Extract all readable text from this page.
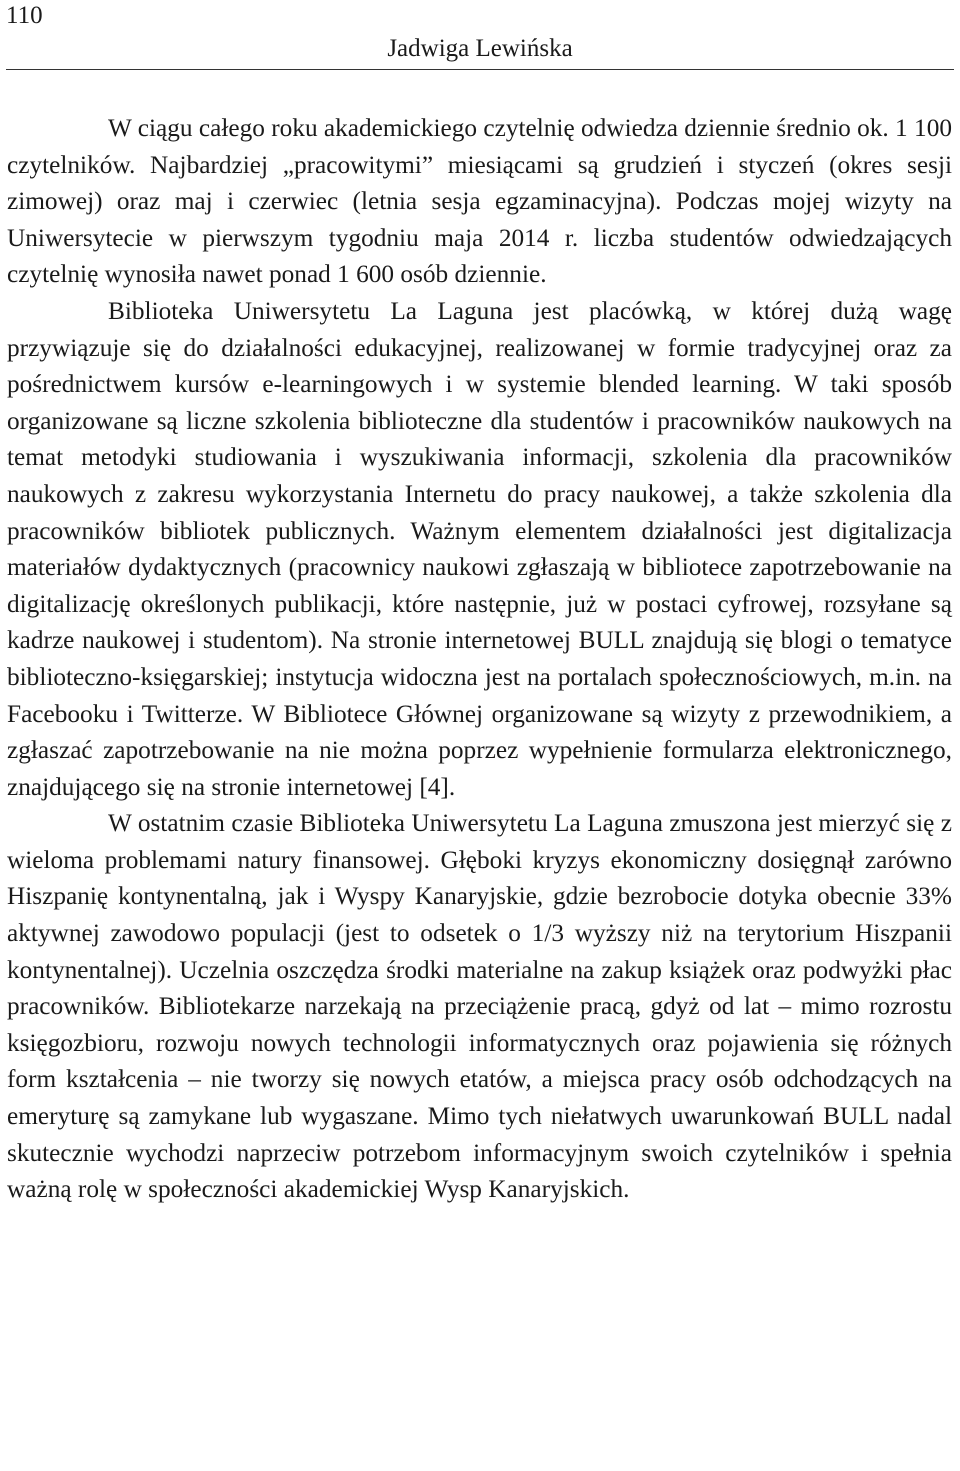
110
Jadwiga Lewińska

W ciągu całego roku akademickiego czytelnię odwiedza dziennie średnio ok. 1 100 czytelników. Najbardziej „pracowitymi” miesiącami są grudzień i styczeń (okres sesji zimowej) oraz maj i czerwiec (letnia sesja egzaminacyjna). Podczas mojej wizyty na Uniwersytecie w pierwszym tygodniu maja 2014 r. liczba studentów odwiedzających czytelnię wynosiła nawet ponad 1 600 osób dziennie.

Biblioteka Uniwersytetu La Laguna jest placówką, w której dużą wagę przywiązuje się do działalności edukacyjnej, realizowanej w formie tradycyjnej oraz za pośrednictwem kursów e-learningowych i w systemie blended learning. W taki sposób organizowane są liczne szkolenia biblioteczne dla studentów i pracowników naukowych na temat metodyki studiowania i wyszukiwania informacji, szkolenia dla pracowników naukowych z zakresu wykorzystania Internetu do pracy naukowej, a także szkolenia dla pracowników bibliotek publicznych. Ważnym elementem działalności jest digitalizacja materiałów dydaktycznych (pracownicy naukowi zgłaszają w bibliotece zapotrzebowanie na digitalizację określonych publikacji, które następnie, już w postaci cyfrowej, rozsyłane są kadrze naukowej i studentom). Na stronie internetowej BULL znajdują się blogi o tematyce biblioteczno-księgarskiej; instytucja widoczna jest na portalach społecznościowych, m.in. na Facebooku i Twitterze. W Bibliotece Głównej organizowane są wizyty z przewodnikiem, a zgłaszać zapotrzebowanie na nie można poprzez wypełnienie formularza elektronicznego, znajdującego się na stronie internetowej [4].

W ostatnim czasie Biblioteka Uniwersytetu La Laguna zmuszona jest mierzyć się z wieloma problemami natury finansowej. Głęboki kryzys ekonomiczny dosięgnął zarówno Hiszpanię kontynentalną, jak i Wyspy Kanaryjskie, gdzie bezrobocie dotyka obecnie 33% aktywnej zawodowo populacji (jest to odsetek o 1/3 wyższy niż na terytorium Hiszpanii kontynentalnej). Uczelnia oszczędza środki materialne na zakup książek oraz podwyżki płac pracowników. Bibliotekarze narzekają na przeciążenie pracą, gdyż od lat – mimo rozrostu księgozbioru, rozwoju nowych technologii informatycznych oraz pojawienia się różnych form kształcenia – nie tworzy się nowych etatów, a miejsca pracy osób odchodzących na emeryturę są zamykane lub wygaszane. Mimo tych niełatwych uwarunkowań BULL nadal skutecznie wychodzi naprzeciw potrzebom informacyjnym swoich czytelników i spełnia ważną rolę w społeczności akademickiej Wysp Kanaryjskich.
